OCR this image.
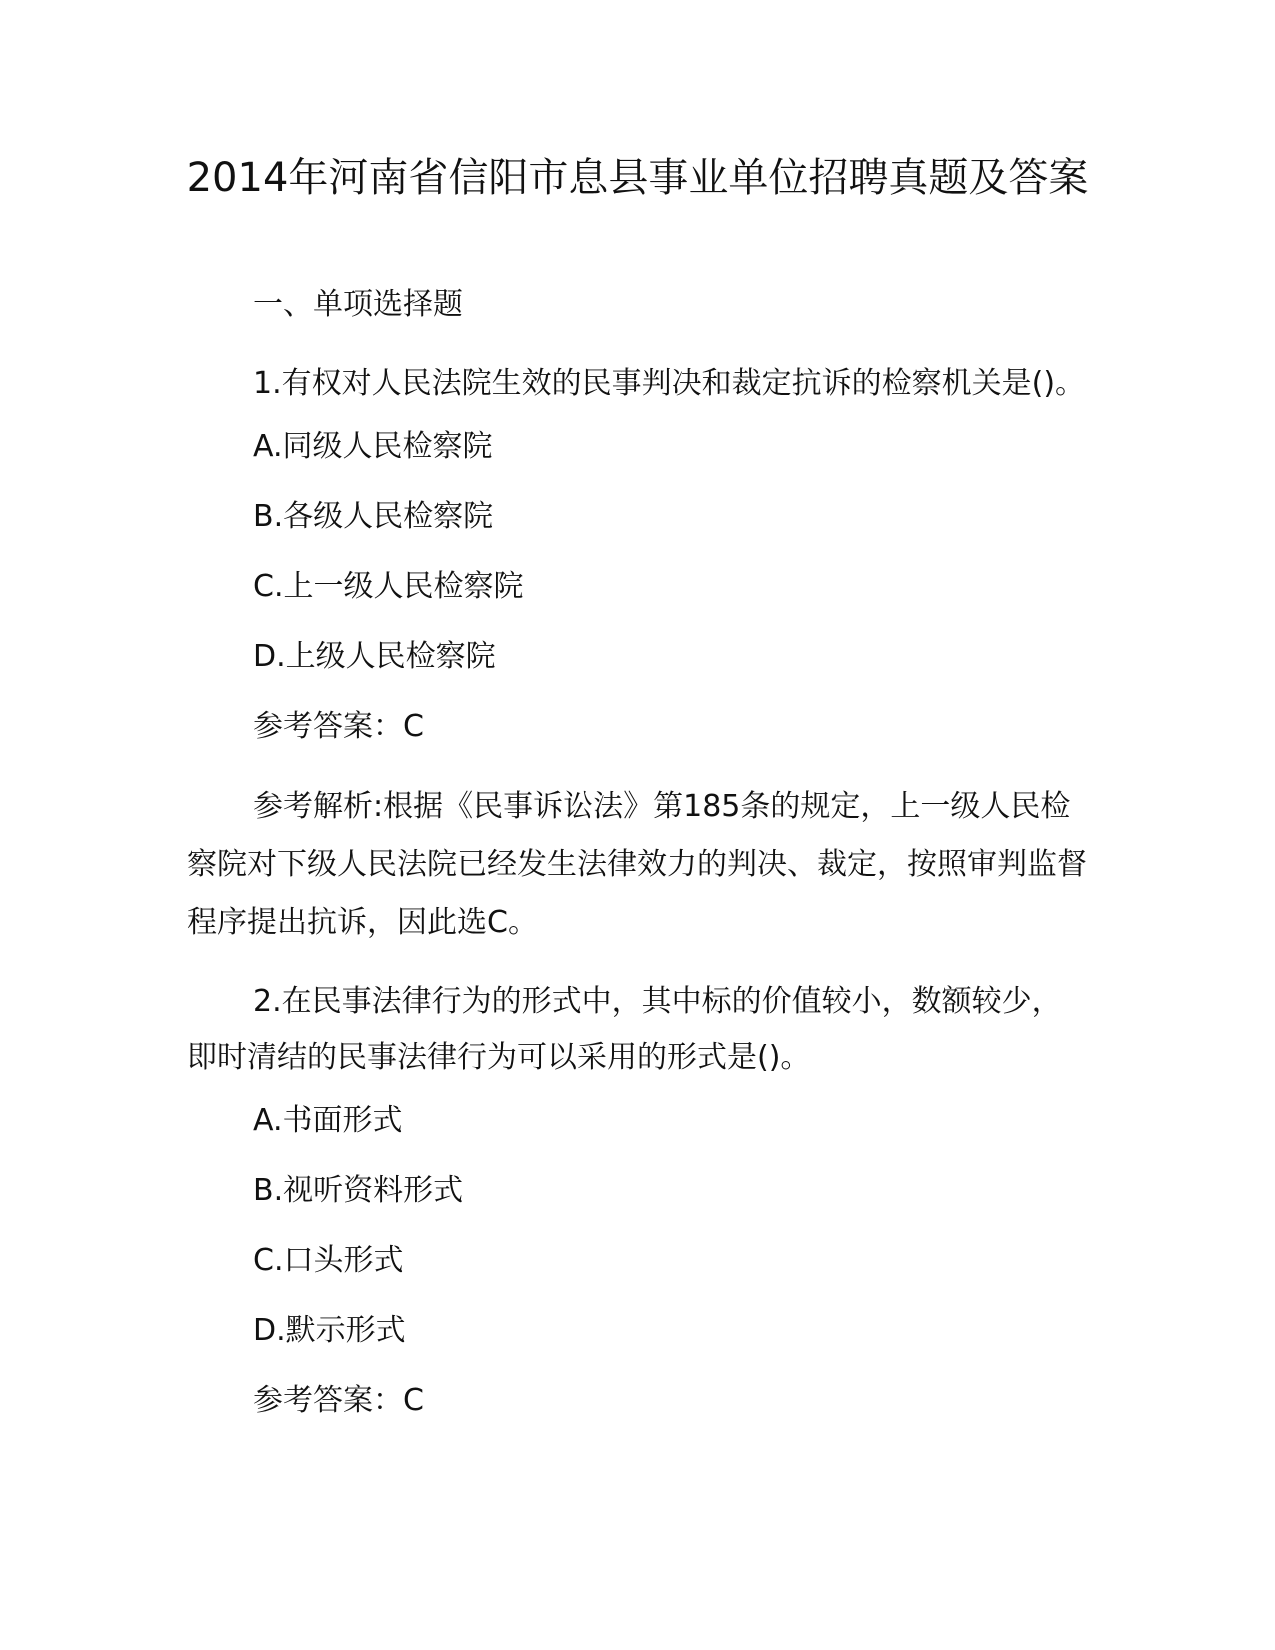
2014年河南省信阳市息县事业单位招聘真题及答案

一、单项选择题

1.有权对人民法院生效的民事判决和裁定抗诉的检察机关是()。

A.同级人民检察院

B.各级人民检察院

C.上一级人民检察院

D.上级人民检察院

参考答案：C

参考解析:根据《民事诉讼法》第185条的规定，上一级人民检察院对下级人民法院已经发生法律效力的判决、裁定，按照审判监督程序提出抗诉，因此选C。

2.在民事法律行为的形式中，其中标的价值较小，数额较少，即时清结的民事法律行为可以采用的形式是()。

A.书面形式

B.视听资料形式

C.口头形式

D.默示形式

参考答案：C
